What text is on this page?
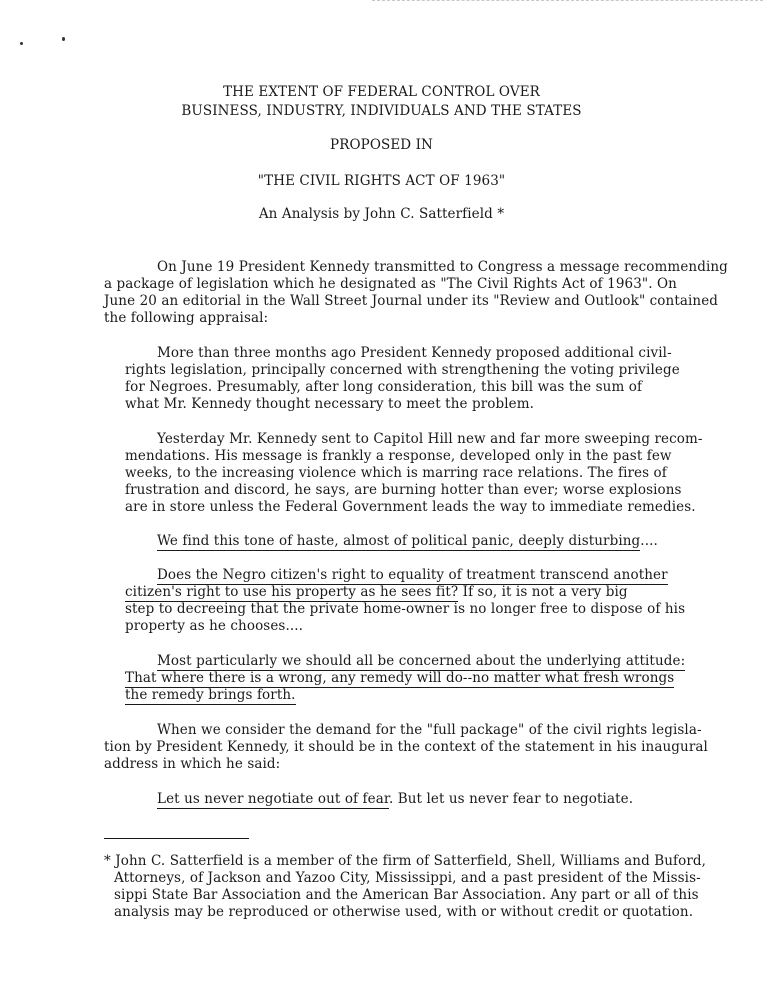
THE EXTENT OF FEDERAL CONTROL OVER
BUSINESS, INDUSTRY, INDIVIDUALS AND THE STATES
PROPOSED IN
"THE CIVIL RIGHTS ACT OF 1963"
An Analysis by John C. Satterfield *
On June 19 President Kennedy transmitted to Congress a message recommending
a package of legislation which he designated as "The Civil Rights Act of 1963". On
June 20 an editorial in the Wall Street Journal under its "Review and Outlook" contained
the following appraisal:
More than three months ago President Kennedy proposed additional civil-
rights legislation, principally concerned with strengthening the voting privilege
for Negroes. Presumably, after long consideration, this bill was the sum of
what Mr. Kennedy thought necessary to meet the problem.
Yesterday Mr. Kennedy sent to Capitol Hill new and far more sweeping recom-
mendations. His message is frankly a response, developed only in the past few
weeks, to the increasing violence which is marring race relations. The fires of
frustration and discord, he says, are burning hotter than ever; worse explosions
are in store unless the Federal Government leads the way to immediate remedies.
We find this tone of haste, almost of political panic, deeply disturbing....
Does the Negro citizen's right to equality of treatment transcend another
citizen's right to use his property as he sees fit? If so, it is not a very big
step to decreeing that the private home-owner is no longer free to dispose of his
property as he chooses....
Most particularly we should all be concerned about the underlying attitude:
That where there is a wrong, any remedy will do--no matter what fresh wrongs
the remedy brings forth.
When we consider the demand for the "full package" of the civil rights legisla-
tion by President Kennedy, it should be in the context of the statement in his inaugural
address in which he said:
Let us never negotiate out of fear. But let us never fear to negotiate.
* John C. Satterfield is a member of the firm of Satterfield, Shell, Williams and Buford,
Attorneys, of Jackson and Yazoo City, Mississippi, and a past president of the Missis-
sippi State Bar Association and the American Bar Association. Any part or all of this
analysis may be reproduced or otherwise used, with or without credit or quotation.
